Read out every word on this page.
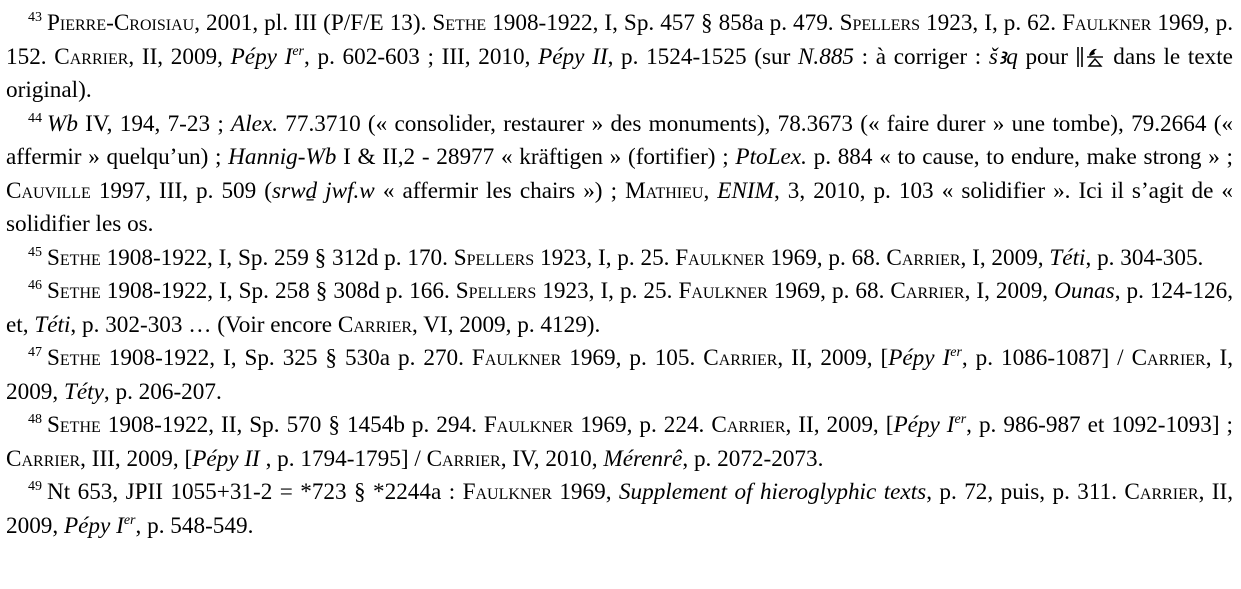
$^{43}$ Pierre-Croisiau, 2001, pl. III (P/F/E 13). Sethe 1908-1922, I, Sp. 457 § 858a p. 479. Spellers 1923, I, p. 62. Faulkner 1969, p. 152. Carrier, II, 2009, Pépy Ier, p. 602-603 ; III, 2010, Pépy II, p. 1524-1525 (sur N.885 : à corriger : šꜣq pour
dans le texte original).

$^{44}$ Wb IV, 194, 7-23 ; Alex. 77.3710 (« consolider, restaurer » des monuments), 78.3673 (« faire durer » une tombe), 79.2664 (« affermir » quelqu’un) ; Hannig-Wb I & II,2 - 28977 « kräftigen » (fortifier) ; PtoLex. p. 884 « to cause, to endure, make strong » ; Cauville 1997, III, p. 509 (srwḏ jwf.w « affermir les chairs ») ; Mathieu, ENIM, 3, 2010, p. 103 « solidifier ». Ici il s’agit de « solidifier les os.

$^{45}$ Sethe 1908-1922, I, Sp. 259 § 312d p. 170. Spellers 1923, I, p. 25. Faulkner 1969, p. 68. Carrier, I, 2009, Téti, p. 304-305.

$^{46}$ Sethe 1908-1922, I, Sp. 258 § 308d p. 166. Spellers 1923, I, p. 25. Faulkner 1969, p. 68. Carrier, I, 2009, Ounas, p. 124-126, et, Téti, p. 302-303 … (Voir encore Carrier, VI, 2009, p. 4129).

$^{47}$ Sethe 1908-1922, I, Sp. 325 § 530a p. 270. Faulkner 1969, p. 105. Carrier, II, 2009, [Pépy Ier, p. 1086-1087] / Carrier, I, 2009, Téty, p. 206-207.

$^{48}$ Sethe 1908-1922, II, Sp. 570 § 1454b p. 294. Faulkner 1969, p. 224. Carrier, II, 2009, [Pépy Ier, p. 986-987 et 1092-1093] ; Carrier, III, 2009, [Pépy II , p. 1794-1795] / Carrier, IV, 2010, Mérenrê, p. 2072-2073.

$^{49}$ Nt 653, JPII 1055+31-2 = *723 § *2244a : Faulkner 1969, Supplement of hieroglyphic texts, p. 72, puis, p. 311. Carrier, II, 2009, Pépy Ier, p. 548-549.
